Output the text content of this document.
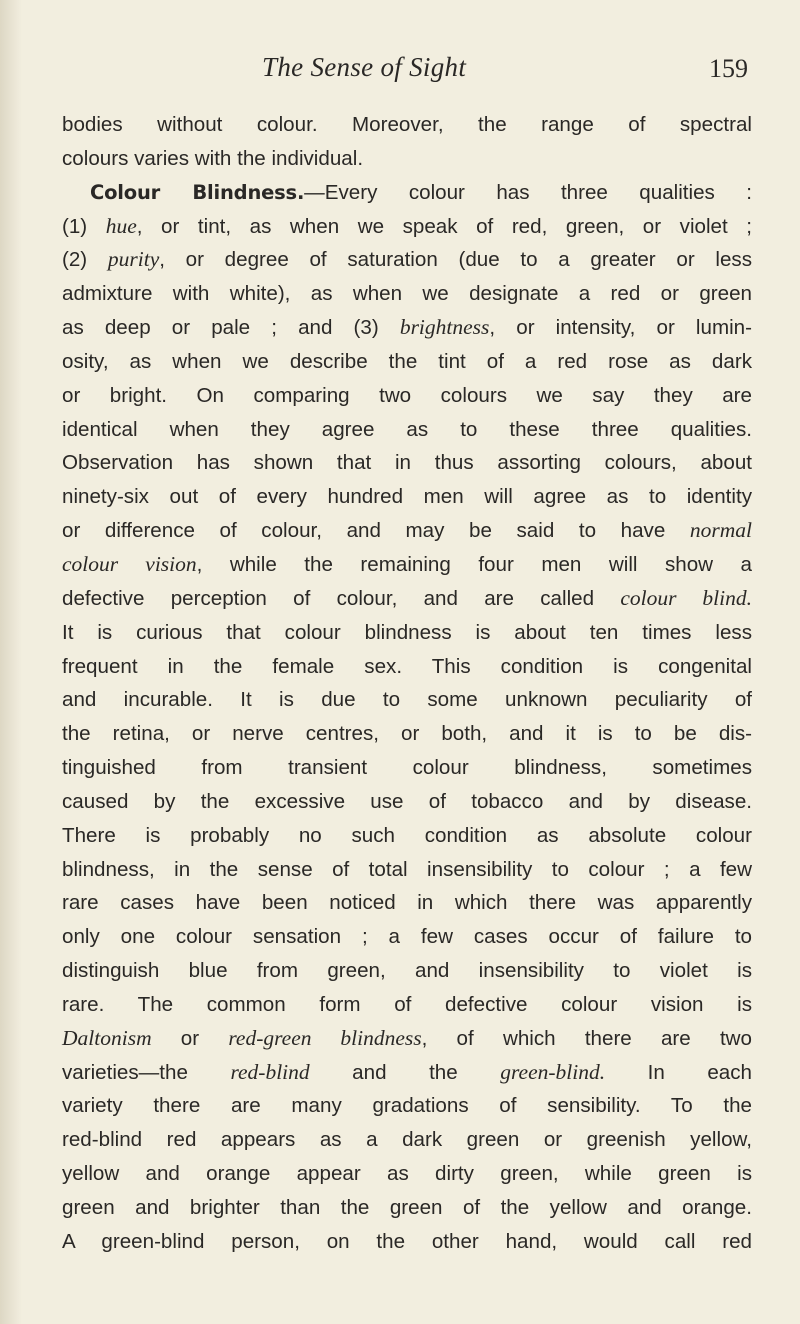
The Sense of Sight	159
bodies without colour. Moreover, the range of spectral
colours varies with the individual.
Colour Blindness.—Every colour has three qualities :
(1) hue, or tint, as when we speak of red, green, or violet ;
(2) purity, or degree of saturation (due to a greater or less
admixture with white), as when we designate a red or green
as deep or pale ; and (3) brightness, or intensity, or lumin-
osity, as when we describe the tint of a red rose as dark
or bright. On comparing two colours we say they are
identical when they agree as to these three qualities.
Observation has shown that in thus assorting colours, about
ninety-six out of every hundred men will agree as to identity
or difference of colour, and may be said to have normal
colour vision, while the remaining four men will show a
defective perception of colour, and are called colour blind.
It is curious that colour blindness is about ten times less
frequent in the female sex. This condition is congenital
and incurable. It is due to some unknown peculiarity of
the retina, or nerve centres, or both, and it is to be dis-
tinguished from transient colour blindness, sometimes
caused by the excessive use of tobacco and by disease.
There is probably no such condition as absolute colour
blindness, in the sense of total insensibility to colour ; a few
rare cases have been noticed in which there was apparently
only one colour sensation ; a few cases occur of failure to
distinguish blue from green, and insensibility to violet is
rare. The common form of defective colour vision is
Daltonism or red-green blindness, of which there are two
varieties—the red-blind and the green-blind. In each
variety there are many gradations of sensibility. To the
red-blind red appears as a dark green or greenish yellow,
yellow and orange appear as dirty green, while green is
green and brighter than the green of the yellow and orange.
A green-blind person, on the other hand, would call red
